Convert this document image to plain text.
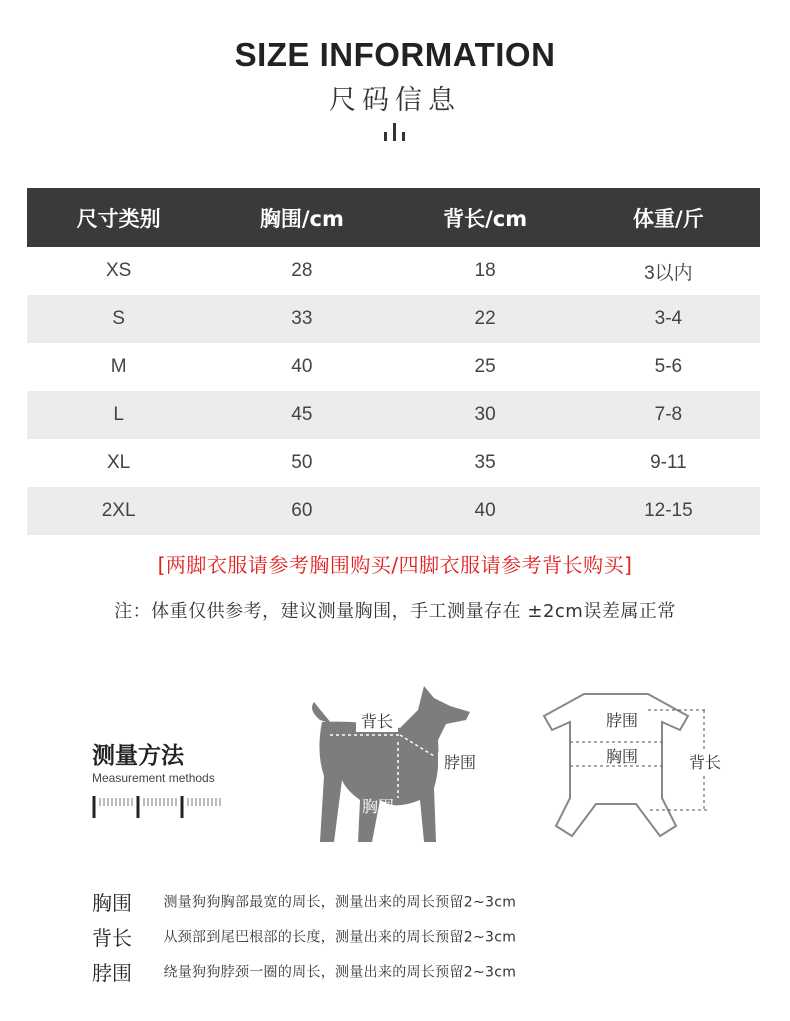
SIZE INFORMATION
尺码信息
尺寸类别	胸围/cm	背长/cm	体重/斤
XS	28	18	3以内
S	33	22	3-4
M	40	25	5-6
L	45	30	7-8
XL	50	35	9-11
2XL	60	40	12-15
[两脚衣服请参考胸围购买/四脚衣服请参考背长购买]
注：体重仅供参考，建议测量胸围，手工测量存在 ±2cm误差属正常
测量方法
Measurement methods
背长
脖围
胸围
脖围
胸围	背长
胸围 测量狗狗胸部最宽的周长，测量出来的周长预留2~3cm
背长 从颈部到尾巴根部的长度，测量出来的周长预留2~3cm
脖围 绕量狗狗脖颈一圈的周长，测量出来的周长预留2~3cm
